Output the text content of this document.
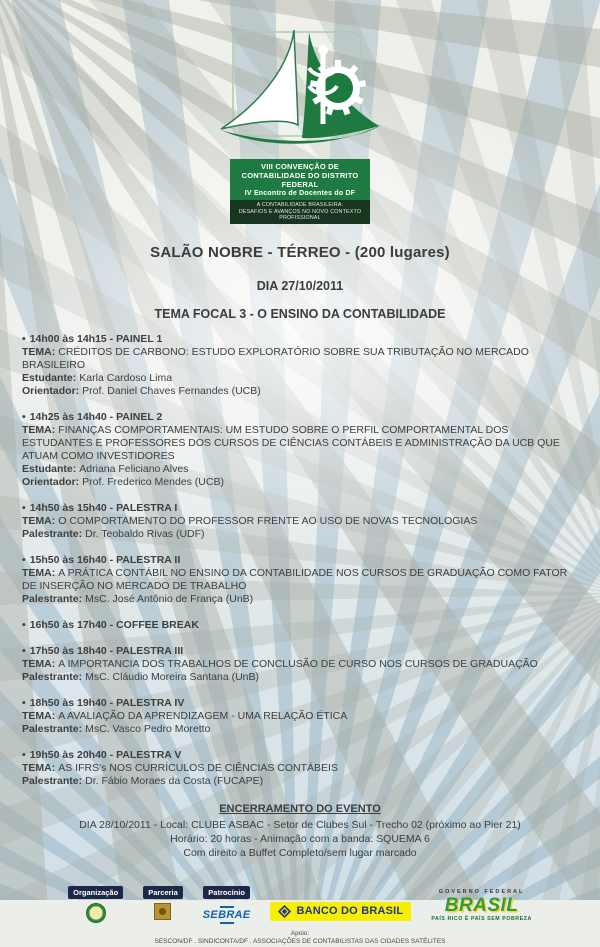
VIII CONVENÇÃO DE
CONTABILIDADE DO DISTRITO FEDERAL
IV Encontro de Docentes do DF
A CONTABILIDADE BRASILEIRA:
DESAFIOS E AVANÇOS NO NOVO CONTEXTO PROFISSIONAL
SALÃO NOBRE - TÉRREO - (200 lugares)
DIA 27/10/2011
TEMA FOCAL 3 - O ENSINO DA CONTABILIDADE
• 14h00 às 14h15 - PAINEL 1
TEMA: CRÉDITOS DE CARBONO: ESTUDO EXPLORATÓRIO SOBRE SUA TRIBUTAÇÃO NO MERCADO BRASILEIRO
Estudante: Karla Cardoso Lima
Orientador: Prof. Daniel Chaves Fernandes (UCB)
• 14h25 às 14h40 - PAINEL 2
TEMA: FINANÇAS COMPORTAMENTAIS: UM ESTUDO SOBRE O PERFIL COMPORTAMENTAL DOS ESTUDANTES E PROFESSORES DOS CURSOS DE CIÊNCIAS CONTÁBEIS E ADMINISTRAÇÃO DA UCB QUE ATUAM COMO INVESTIDORES
Estudante: Adriana Feliciano Alves
Orientador: Prof. Frederico Mendes (UCB)
• 14h50 às 15h40 - PALESTRA I
TEMA: O COMPORTAMENTO DO PROFESSOR FRENTE AO USO DE NOVAS TECNOLOGIAS
Palestrante: Dr. Teobaldo Rivas (UDF)
• 15h50 às 16h40 - PALESTRA II
TEMA: A PRÁTICA CONTÁBIL NO ENSINO DA CONTABILIDADE NOS CURSOS DE GRADUAÇÃO COMO FATOR DE INSERÇÃO NO MERCADO DE TRABALHO
Palestrante: MsC. José Antônio de França (UnB)
• 16h50 às 17h40 - COFFEE BREAK
• 17h50 às 18h40 - PALESTRA III
TEMA: A IMPORTANCIA DOS TRABALHOS DE CONCLUSÃO DE CURSO NOS CURSOS DE GRADUAÇÃO
Palestrante: MsC. Cláudio Moreira Santana (UnB)
• 18h50 às 19h40 - PALESTRA IV
TEMA: A AVALIAÇÃO DA APRENDIZAGEM - UMA RELAÇÃO ÉTICA
Palestrante: MsC. Vasco Pedro Moretto
• 19h50 às 20h40 - PALESTRA V
TEMA: AS IFRS's NOS CURRÍCULOS DE CIÊNCIAS CONTÁBEIS
Palestrante: Dr. Fábio Moraes da Costa (FUCAPE)
ENCERRAMENTO DO EVENTO
DIA 28/10/2011 - Local: CLUBE ASBAC - Setor de Clubes Sul - Trecho 02 (próximo ao Pier 21)
Horário: 20 horas - Animação com a banda: SQUEMA 6
Com direito a Buffet Completo/sem lugar marcado
Organização	Parceria	Patrocínio
SEBRAE	BANCO DO BRASIL
GOVERNO FEDERAL
BRASIL
PAÍS RICO É PAÍS SEM POBREZA
Apoio:
SESCON/DF . SINDICONTA/DF . ASSOCIAÇÕES DE CONTABILISTAS DAS CIDADES SATÉLITES
